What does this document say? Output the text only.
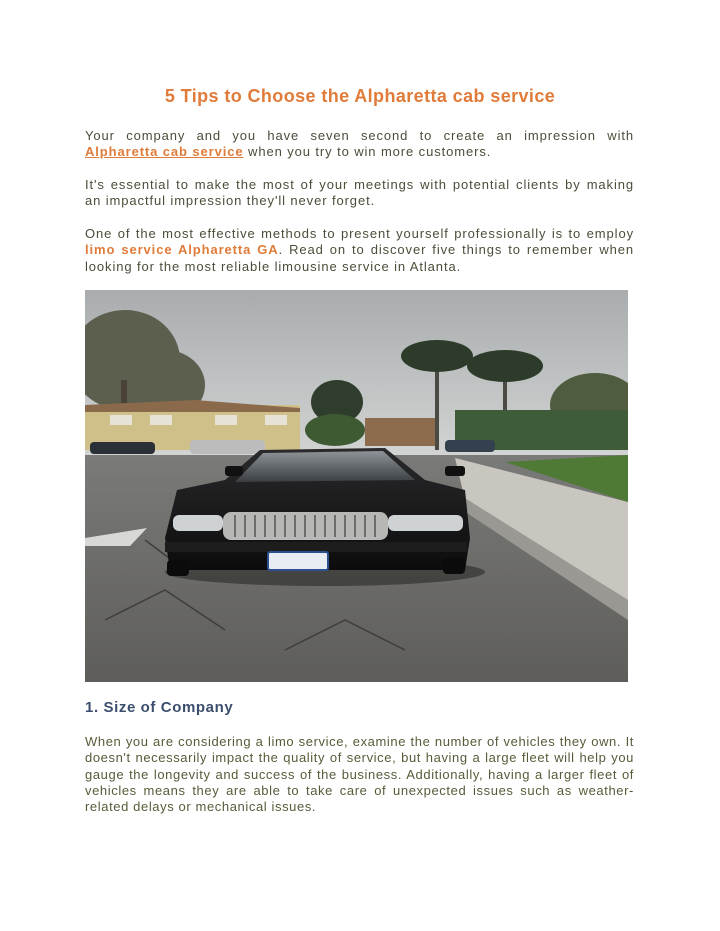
5 Tips to Choose the Alpharetta cab service

Your company and you have seven second to create an impression with Alpharetta cab service when you try to win more customers.

It's essential to make the most of your meetings with potential clients by making an impactful impression they'll never forget.

One of the most effective methods to present yourself professionally is to employ limo service Alpharetta GA. Read on to discover five things to remember when looking for the most reliable limousine service in Atlanta.

1. Size of Company

When you are considering a limo service, examine the number of vehicles they own. It doesn't necessarily impact the quality of service, but having a large fleet will help you gauge the longevity and success of the business. Additionally, having a larger fleet of vehicles means they are able to take care of unexpected issues such as weather-related delays or mechanical issues.
